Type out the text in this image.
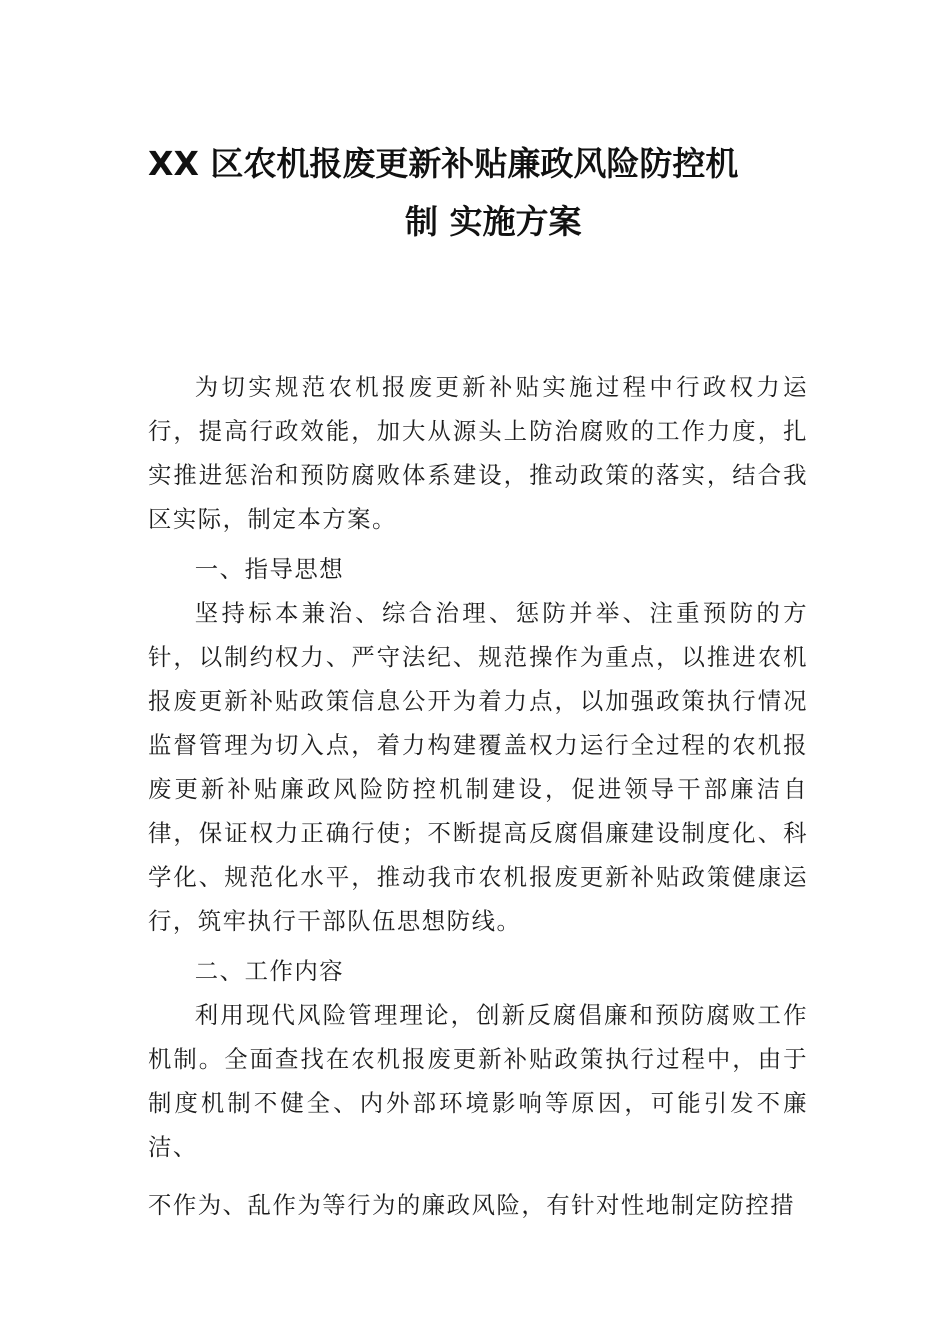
XX 区农机报废更新补贴廉政风险防控机
制 实施方案

为切实规范农机报废更新补贴实施过程中行政权力运行，提高行政效能，加大从源头上防治腐败的工作力度，扎实推进惩治和预防腐败体系建设，推动政策的落实，结合我区实际，制定本方案。

一、指导思想

坚持标本兼治、综合治理、惩防并举、注重预防的方针，以制约权力、严守法纪、规范操作为重点，以推进农机报废更新补贴政策信息公开为着力点，以加强政策执行情况监督管理为切入点，着力构建覆盖权力运行全过程的农机报废更新补贴廉政风险防控机制建设，促进领导干部廉洁自律，保证权力正确行使；不断提高反腐倡廉建设制度化、科学化、规范化水平，推动我市农机报废更新补贴政策健康运行，筑牢执行干部队伍思想防线。

二、工作内容

利用现代风险管理理论，创新反腐倡廉和预防腐败工作机制。全面查找在农机报废更新补贴政策执行过程中，由于制度机制不健全、内外部环境影响等原因，可能引发不廉洁、

不作为、乱作为等行为的廉政风险，有针对性地制定防控措
